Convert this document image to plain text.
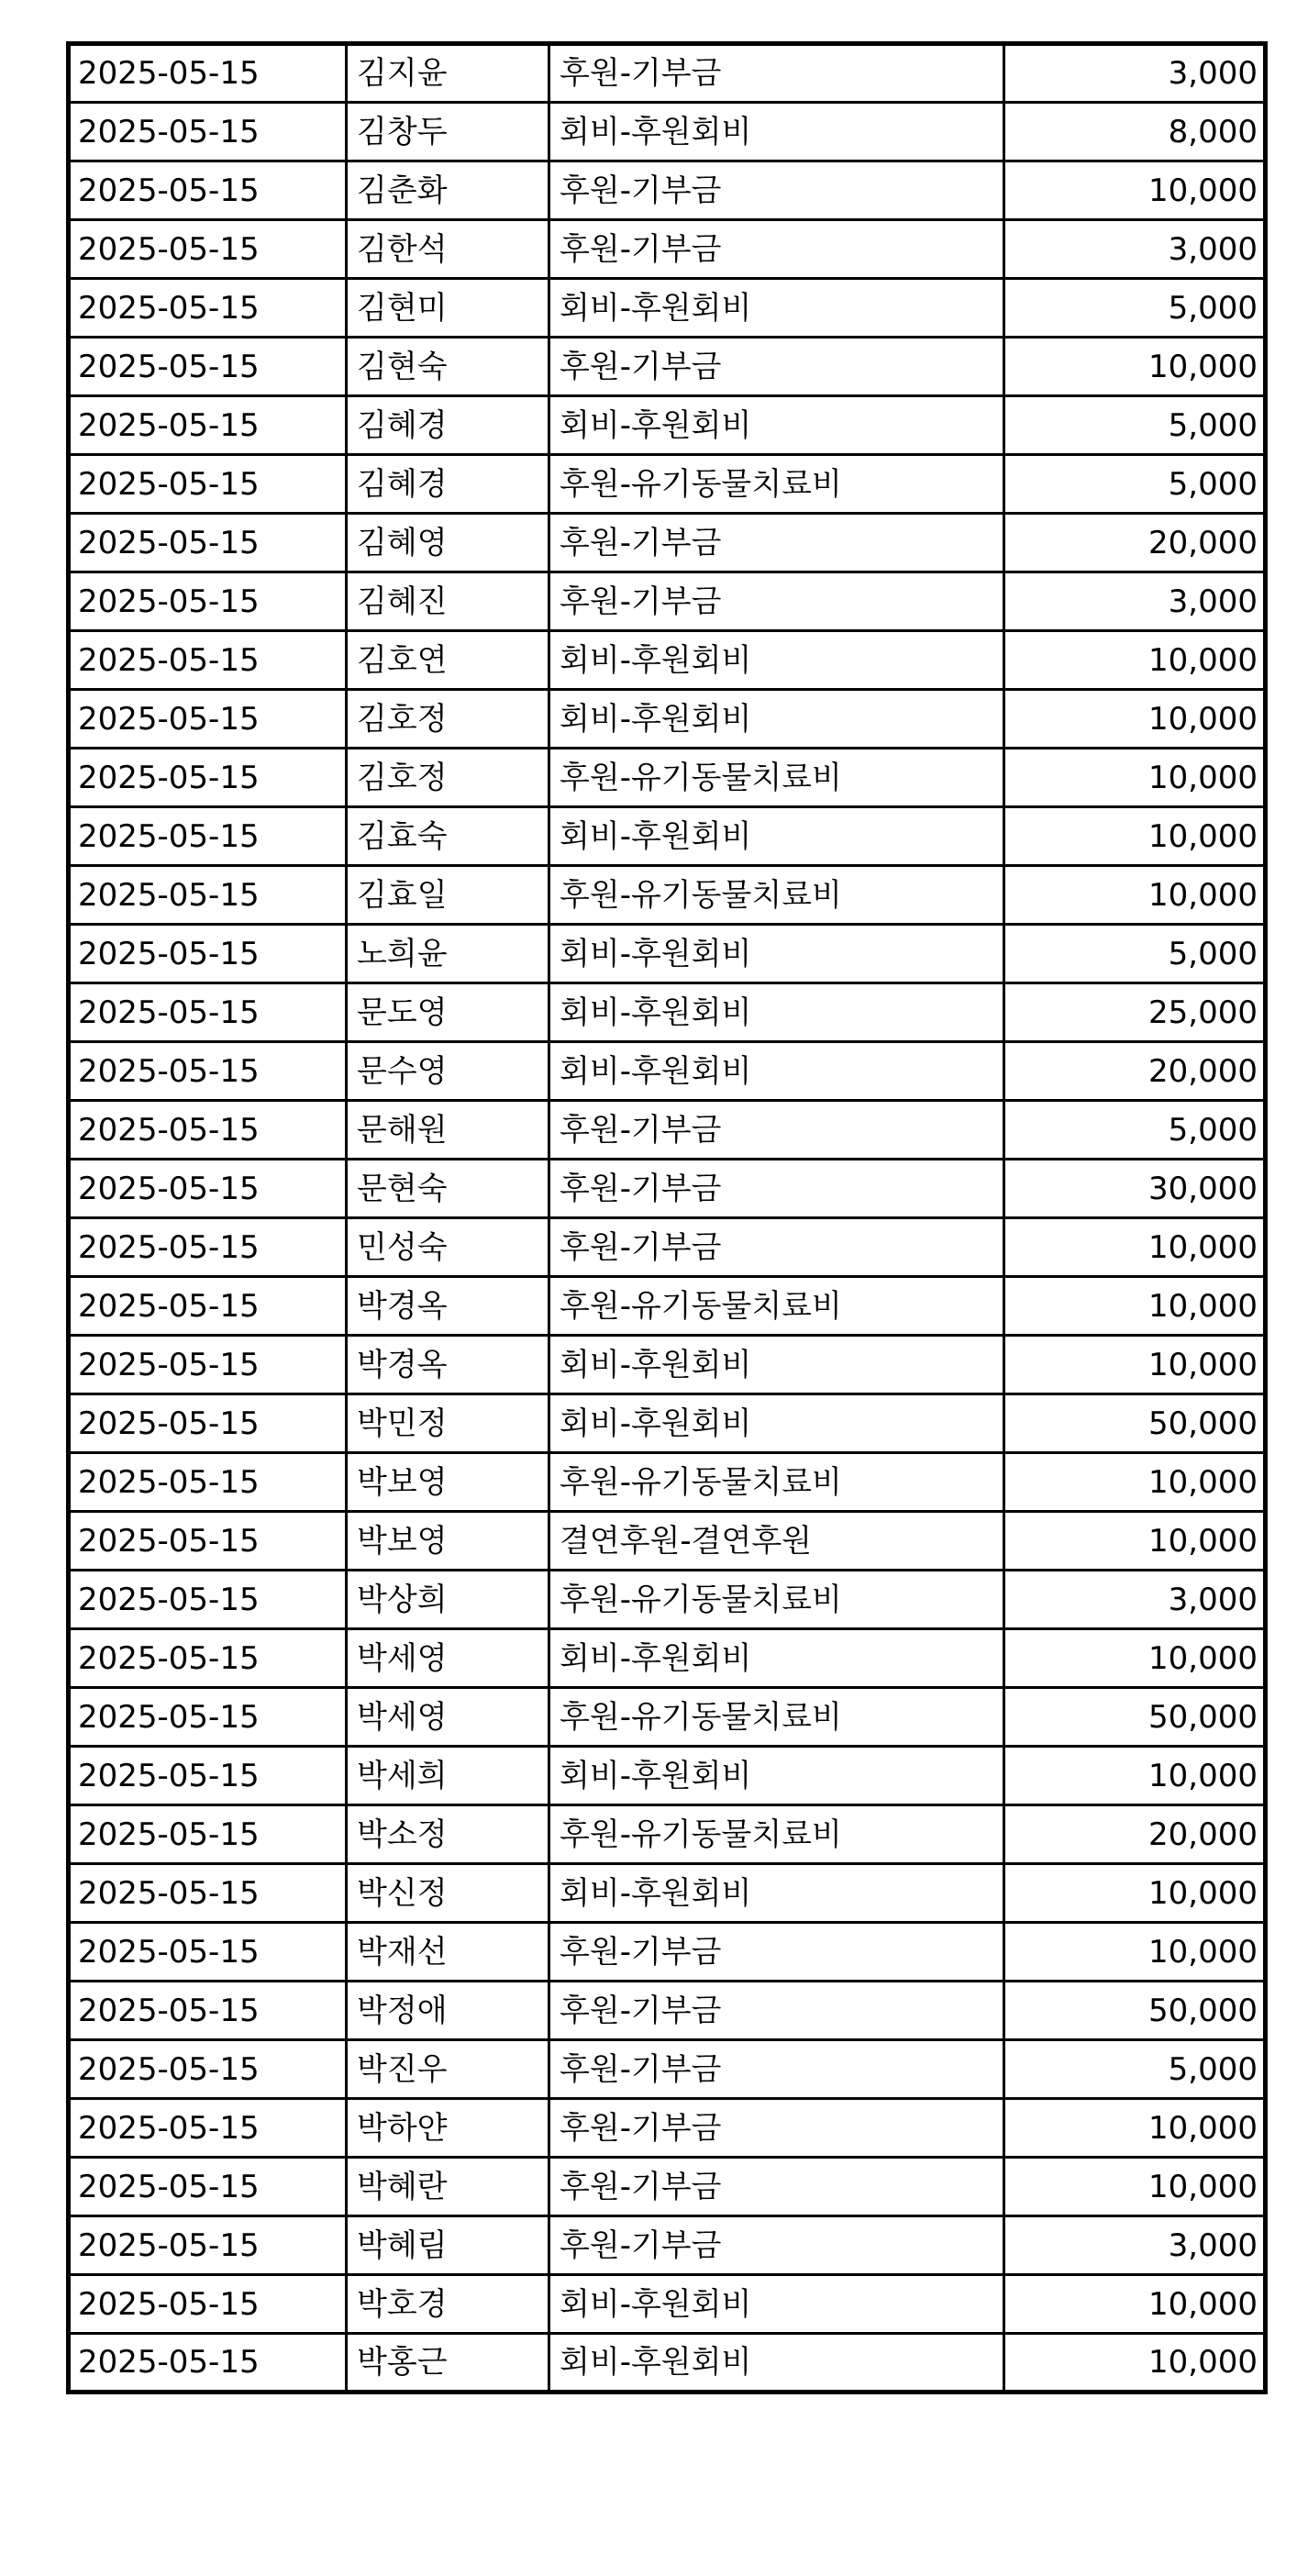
2025-05-15	김지윤	후원-기부금	3,000
2025-05-15	김창두	회비-후원회비	8,000
2025-05-15	김춘화	후원-기부금	10,000
2025-05-15	김한석	후원-기부금	3,000
2025-05-15	김현미	회비-후원회비	5,000
2025-05-15	김현숙	후원-기부금	10,000
2025-05-15	김혜경	회비-후원회비	5,000
2025-05-15	김혜경	후원-유기동물치료비	5,000
2025-05-15	김혜영	후원-기부금	20,000
2025-05-15	김혜진	후원-기부금	3,000
2025-05-15	김호연	회비-후원회비	10,000
2025-05-15	김호정	회비-후원회비	10,000
2025-05-15	김호정	후원-유기동물치료비	10,000
2025-05-15	김효숙	회비-후원회비	10,000
2025-05-15	김효일	후원-유기동물치료비	10,000
2025-05-15	노희윤	회비-후원회비	5,000
2025-05-15	문도영	회비-후원회비	25,000
2025-05-15	문수영	회비-후원회비	20,000
2025-05-15	문해원	후원-기부금	5,000
2025-05-15	문현숙	후원-기부금	30,000
2025-05-15	민성숙	후원-기부금	10,000
2025-05-15	박경옥	후원-유기동물치료비	10,000
2025-05-15	박경옥	회비-후원회비	10,000
2025-05-15	박민정	회비-후원회비	50,000
2025-05-15	박보영	후원-유기동물치료비	10,000
2025-05-15	박보영	결연후원-결연후원	10,000
2025-05-15	박상희	후원-유기동물치료비	3,000
2025-05-15	박세영	회비-후원회비	10,000
2025-05-15	박세영	후원-유기동물치료비	50,000
2025-05-15	박세희	회비-후원회비	10,000
2025-05-15	박소정	후원-유기동물치료비	20,000
2025-05-15	박신정	회비-후원회비	10,000
2025-05-15	박재선	후원-기부금	10,000
2025-05-15	박정애	후원-기부금	50,000
2025-05-15	박진우	후원-기부금	5,000
2025-05-15	박하얀	후원-기부금	10,000
2025-05-15	박혜란	후원-기부금	10,000
2025-05-15	박혜림	후원-기부금	3,000
2025-05-15	박호경	회비-후원회비	10,000
2025-05-15	박홍근	회비-후원회비	10,000
